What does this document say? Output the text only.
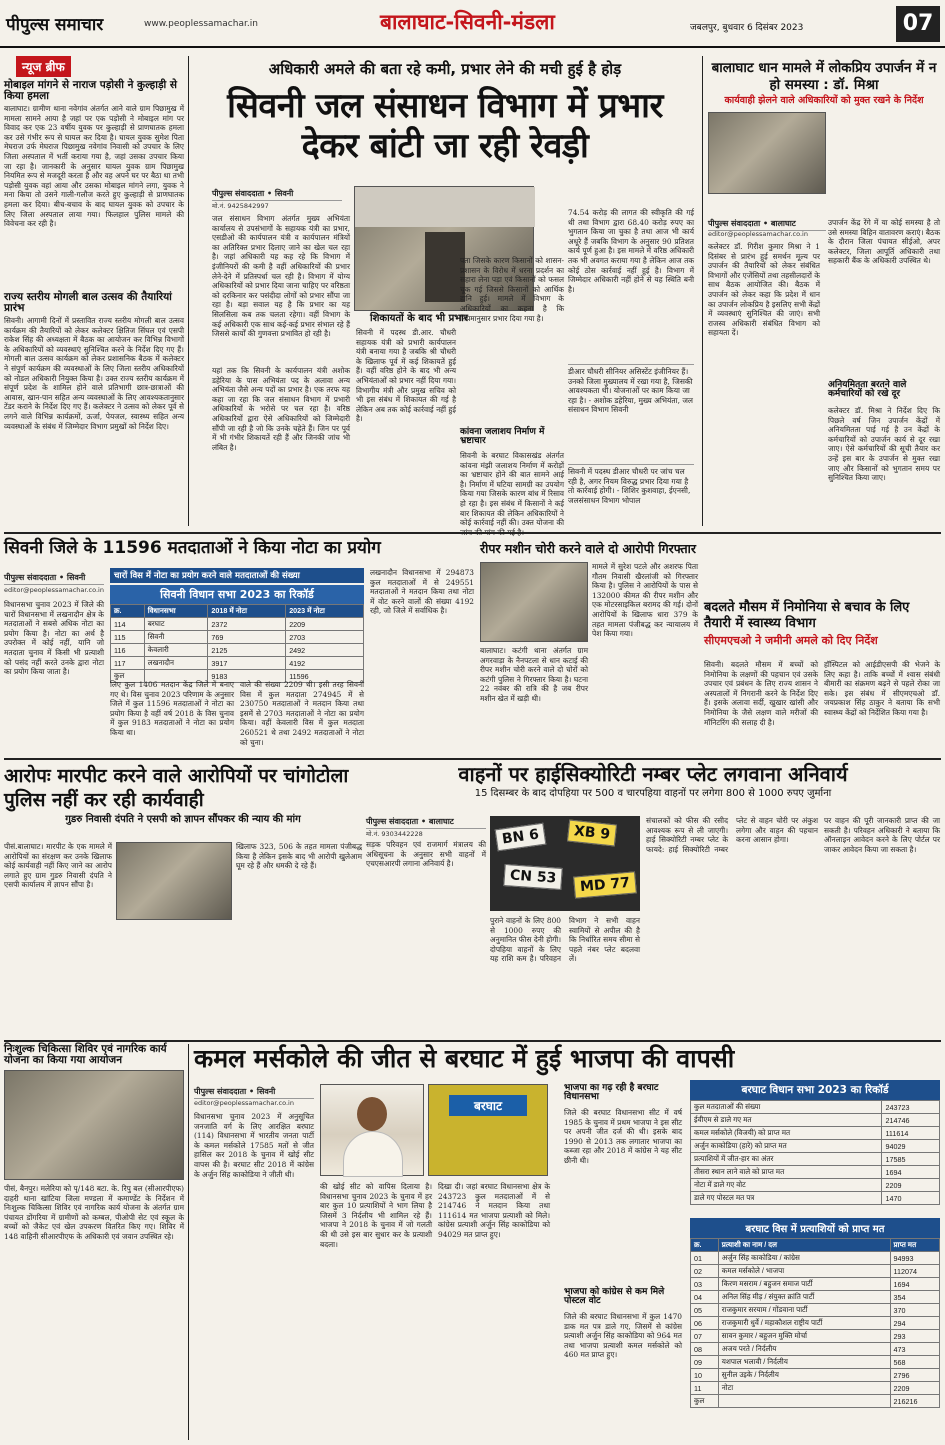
पीपुल्स समाचार	www.peoplessamachar.in	बालाघाट-सिवनी-मंडला	जबलपुर, बुधवार 6 दिसंबर 2023	07
न्यूज ब्रीफ
मोबाइल मांगने से नाराज पड़ोसी ने कुल्हाड़ी से किया हमला
बालाघाट। ग्रामीण थाना नवेगांव अंतर्गत आने वाले ग्राम पिछामुख में मामला सामने आया है जहां पर एक पड़ोसी ने मोबाइल मांग पर विवाद कर एक 23 वर्षीय युवक पर कुल्हाड़ी से प्राणघातक हमला कर उसे गंभीर रूप से घायल कर दिया है। घायल युवक सुमेश पिता मेघराज उर्फ मेघराज पिछामुख नवेगांव निवासी को उपचार के लिए जिला अस्पताल में भर्ती कराया गया है, जहां उसका उपचार किया जा रहा है। जानकारी के अनुसार घायल युवक ग्राम पिछामुख नियमित रूप से मजदूरी करता है और वह अपने घर पर बैठा था तभी पड़ोसी युवक वहां आया और उसका मोबाइल मांगने लगा, युवक ने मना किया तो उसने गाली-गलौज करते हुए कुल्हाड़ी से प्राणघातक हमला कर दिया। बीच-बचाव के बाद घायल युवक को उपचार के लिए जिला अस्पताल लाया गया। फिलहाल पुलिस मामले की विवेचना कर रही है।
राज्य स्तरीय मोगली बाल उत्सव की तैयारियां प्रारंभ
सिवनी। आगामी दिनों में प्रस्तावित राज्य स्तरीय मोगली बाल उत्सव कार्यक्रम की तैयारियों को लेकर कलेक्टर क्षितिज सिंघल एवं एसपी राकेश सिंह की अध्यक्षता में बैठक का आयोजन कर विभिन्न विभागों के अधिकारियों को व्यवस्थाएं सुनिश्चित करने के निर्देश दिए गए हैं। मोगली बाल उत्सव कार्यक्रम को लेकर प्रशासनिक बैठक में कलेक्टर ने संपूर्ण कार्यक्रम की व्यवस्थाओं के लिए जिला स्तरीय अधिकारियों को नोडल अधिकारी नियुक्त किया है। उक्त राज्य स्तरीय कार्यक्रम में संपूर्ण प्रदेश के शामिल होने वाले प्रतिभागी छात्र-छात्राओं की आवास, खान-पान सहित अन्य व्यवस्थाओं के लिए आवश्यकतानुसार टेंडर कराने के निर्देश दिए गए हैं। कलेक्टर ने उत्सव को लेकर पूर्व से लगने वाले विभिन्न कार्यक्रमों, ऊर्जा, पेयजल, स्वास्थ्य सहित अन्य व्यवस्थाओं के संबंध में जिम्मेदार विभाग प्रमुखों को निर्देश दिए।
अधिकारी अमले की बता रहे कमी, प्रभार लेने की मची हुई है होड़
सिवनी जल संसाधन विभाग में प्रभार देकर बांटी जा रही रेवड़ी
पीपुल्स संवाददाता • सिवनी
मो.नं. 9425842997
जल संसाधन विभाग अंतर्गत मुख्य अभियंता कार्यालय से उपसंभागों के सहायक यंत्री का प्रभार, एसडीओ की कार्यपालन यंत्री व कार्यपालन मंत्रियों का अतिरिक्त प्रभार दिलाए जाने का खेल चल रहा है। जहां अधिकारी यह कह रहे कि विभाग में इंजीनियरों की कमी है वहीं अधिकारियों की प्रभार लेने-देने में प्रतिस्पर्धा चल रही है। विभाग में योग्य अधिकारियों को प्रभार दिया जाना चाहिए पर वरिष्ठता को दरकिनार कर पसंदीदा लोगों को प्रभार सौंपा जा रहा है। बड़ा सवाल यह है कि प्रभार का यह सिलसिला कब तक चलता रहेगा। वहीं विभाग के कई अधिकारी एक साथ कई-कई प्रभार संभाल रहे हैं जिससे कार्यों की गुणवत्ता प्रभावित हो रही है।
शिकायतों के बाद भी प्रभार
यहां तक कि सिवनी के कार्यपालन यंत्री अशोक डहेरिया के पास अभियंता पद के अलावा अन्य अभियंता जैसे अन्य पदों का प्रभार है। एक तरफ यह कहा जा रहा कि जल संसाधन विभाग में प्रभारी अधिकारियों के भरोसे पर चल रहा है। वरिष्ठ अधिकारियों द्वारा ऐसे अधिकारियों को जिम्मेदारी सौंपी जा रही है जो कि उनके चहेते हैं। जिन पर पूर्व में भी गंभीर शिकायतें रही हैं और जिनकी जांच भी लंबित है।
सिवनी में पदस्थ डी.आर. चौधरी सहायक यंत्री को प्रभारी कार्यपालन यंत्री बनाया गया है जबकि श्री चौधरी के खिलाफ पूर्व में कई शिकायतें हुई हैं। वहीं वरिष्ठ होने के बाद भी अन्य अभियंताओं को प्रभार नहीं दिया गया। विभागीय मंत्री और प्रमुख सचिव को भी इस संबंध में शिकायत की गई है लेकिन अब तक कोई कार्रवाई नहीं हुई है।
पता जिसके कारण किसानों को शासन-प्रशासन के विरोध में धरना प्रदर्शन का सहारा लेना पड़ा एवं किसानों को फसल चूक गई जिससे किसानों को आर्थिक हानि हुई। मामले में विभाग के अधिकारियों का कहना है कि नियमानुसार प्रभार दिया गया है।
कांवना जलाशय निर्माण में भ्रष्टाचार
सिवनी के बरघाट विकासखंड अंतर्गत कांवना मंझी जलाशय निर्माण में करोड़ों का भ्रष्टाचार होने की बात सामने आई है। निर्माण में घटिया सामग्री का उपयोग किया गया जिसके कारण बांध में रिसाव हो रहा है। इस संबंध में किसानों ने कई बार शिकायत की लेकिन अधिकारियों ने कोई कार्रवाई नहीं की। उक्त योजना की
74.54 करोड़ की लागत की स्वीकृति की गई थी तथा विभाग द्वारा 68.40 करोड़ रुपए का भुगतान किया जा चुका है तथा आज भी कार्य अधूरे हैं जबकि विभाग के अनुसार 90 प्रतिशत कार्य पूर्ण हुआ है। इस मामले में वरिष्ठ अधिकारी तक भी अवगत कराया गया है लेकिन आज तक कोई ठोस कार्रवाई नहीं हुई है। विभाग में जिम्मेदार अधिकारी नहीं होने से यह स्थिति बनी है।
डीआर चौधरी सीनियर असिस्टेंट इंजीनियर हैं। उनको जिला मुख्यालय में रखा गया है, जिसकी आवश्यकता थी। योजनाओं पर काम किया जा रहा है। - अशोक डहेरिया, मुख्य अभियंता, जल संसाधन विभाग सिवनी
सिवनी में पदस्थ डीआर चौधरी पर जांच चल रही है, अगर नियम विरुद्ध प्रभार दिया गया है तो कार्रवाई होगी। - शिशिर कुशवाहा, ईएनसी, जलसंसाधन विभाग भोपाल
बालाघाट धान मामले में लोकप्रिय उपार्जन में न हो समस्या : डॉ. मिश्रा
कार्यवाही झेलने वाले अधिकारियों को मुक्त रखने के निर्देश
पीपुल्स संवाददाता • बालाघाट
editor@peoplessamachar.co.in
कलेक्टर डॉ. गिरीश कुमार मिश्रा ने 1 दिसंबर से प्रारंभ हुई समर्थन मूल्य पर उपार्जन की तैयारियों को लेकर संबंधित विभागों और एजेंसियों तथा तहसीलदारों के साथ बैठक आयोजित की। बैठक में उपार्जन को लेकर कहा कि प्रदेश में धान का उपार्जन लोकप्रिय है इसलिए सभी केंद्रों में व्यवस्थाएं सुनिश्चित की जाएं। सभी राजस्व अधिकारी संबंधित विभाग को सहायता दें।
उपार्जन केंद्र रेंगे में या कोई समस्या है तो उसे समस्या बिहिन वातावरण कराएं। बैठक के दौरान जिला पंचायत सीईओ, अपर कलेक्टर, जिला आपूर्ति अधिकारी तथा सहकारी बैंक के अधिकारी उपस्थित थे।
अनियमितता बरतने वाले कर्मचारियों को रखे दूर
कलेक्टर डॉ. मिश्रा ने निर्देश दिए कि पिछले वर्ष जिन उपार्जन केंद्रों में अनियमितता पाई गई है उन केंद्रों के कर्मचारियों को उपार्जन कार्य से दूर रखा जाए। ऐसे कर्मचारियों की सूची तैयार कर उन्हें इस बार के उपार्जन से मुक्त रखा जाए और किसानों को भुगतान समय पर सुनिश्चित किया जाए।
सिवनी जिले के 11596 मतदाताओं ने किया नोटा का प्रयोग
पीपुल्स संवाददाता • सिवनी
editor@peoplessamachar.co.in
विधानसभा चुनाव 2023 में जिले की चारों विधानसभा में लखनादौन क्षेत्र के मतदाताओं ने सबसे अधिक नोटा का प्रयोग किया है। नोटा का अर्थ है उपरोक्त में कोई नहीं, यानि जो मतदाता चुनाव में किसी भी प्रत्याशी को पसंद नहीं करते उनके द्वारा नोटा का प्रयोग किया जाता है।
चारों विस में नोटा का प्रयोग करने वाले मतदाताओं की संख्या
सिवनी विधान सभा 2023 का रिकॉर्ड
क्र.	विधानसभा	2018 में नोटा	2023 में नोटा
114	बरघाट	2372	2209
115	सिवनी	769	2703
116	केवलारी	2125	2492
117	लखनादौन	3917	4192
कुल		9183	11596
लिए कुल 1406 मतदान केंद्र जिले में बनाए गए थे। विस चुनाव 2023 परिणाम के अनुसार जिले में कुल 11596 मतदाताओं ने नोटा का प्रयोग किया है वहीं वर्ष 2018 के विस चुनाव में कुल 9183 मतदाताओं ने नोटा का प्रयोग किया था।
वाले की संख्या 2209 थी। इसी तरह सिवनी विस में कुल मतदाता 274945 में से 230750 मतदाताओं ने मतदान किया तथा इसमें से 2703 मतदाताओं ने नोटा का प्रयोग किया। वहीं केवलारी विस में कुल मतदाता 260521 थे तथा 2492 मतदाताओं ने नोटा को चुना।
लखनादौन विधानसभा में 294873 कुल मतदाताओं में से 249551 मतदाताओं ने मतदान किया तथा नोटा में वोट करने वालों की संख्या 4192 रही, जो जिले में सर्वाधिक है।
रीपर मशीन चोरी करने वाले दो आरोपी गिरफ्तार
बालाघाट। कटंगी थाना अंतर्गत ग्राम अगरवाड़ा के नैनपटला से धान कटाई की रीपर मशीन चोरी करने वाले दो चोरों को कटंगी पुलिस ने गिरफ्तार किया है। घटना 22 नवंबर की रात्रि की है जब रीपर मशीन खेत में खड़ी थी।
मामले में सुरेश पटले और अशरफ पिता गौतम निवासी खैरलांजी को गिरफ्तार किया है। पुलिस ने आरोपियों के पास से 132000 कीमत की रीपर मशीन और एक मोटरसाइकिल बरामद की गई। दोनों आरोपियों के खिलाफ धारा 379 के तहत मामला पंजीबद्ध कर न्यायालय में पेश किया गया।
बदलते मौसम में निमोनिया से बचाव के लिए तैयारी में स्वास्थ्य विभाग
सीएमएचओ ने जमीनी अमले को दिए निर्देश
सिवनी। बदलते मौसम में बच्चों को निमोनिया के लक्षणों की पहचान एवं उसके उपचार एवं प्रबंधन के लिए राज्य शासन ने अस्पतालों में निगरानी करने के निर्देश दिए हैं। इसके अलावा सर्दी, खुखार खांसी और निमोनिया के जैसे लक्षण वाले मरीजों की मॉनिटरिंग की सलाह दी है।
हॉस्पिटल को आईडीएसपी की भेजने के लिए कहा है। ताकि बच्चों में श्वास संबंधी बीमारी का संक्रमण बढ़ने से पहले रोका जा सके। इस संबंध में सीएमएचओ डॉ. जयप्रकाश सिंह ठाकुर ने बताया कि सभी स्वास्थ्य केंद्रों को निर्देशित किया गया है।
आरोपः मारपीट करने वाले आरोपियों पर चांगोटोला पुलिस नहीं कर रही कार्यवाही
गुडरु निवासी दंपति ने एसपी को ज्ञापन सौंपकर की न्याय की मांग
पीसं.बालाघाट। मारपीट के एक मामले में आरोपियों का संरक्षण कर उनके खिलाफ कोई कार्यवाही नहीं किए जाने का आरोप लगाते हुए ग्राम गुडरु निवासी दंपति ने एसपी कार्यालय में ज्ञापन सौंपा है।
खिलाफ 323, 506 के तहत मामला पंजीबद्ध किया है लेकिन इसके बाद भी आरोपी खुलेआम घूम रहे हैं और धमकी दे रहे हैं।
वाहनों पर हाईसिक्योरिटी नम्बर प्लेट लगवाना अनिवार्य
15 दिसम्बर के बाद दोपहिया पर 500 व चारपहिया वाहनों पर लगेगा 800 से 1000 रुपए जुर्माना
पीपुल्स संवाददाता • बालाघाट
मो.नं. 9303442228	BN 6	XB 9
CN 53	MD 77
पुराने वाहनों के लिए 800 से 1000 रुपए की अनुमानित फीस देनी होगी। दोपहिया वाहनों के लिए यह राशि कम है। परिवहन विभाग ने सभी वाहन स्वामियों से अपील की है कि निर्धारित समय सीमा से पहले नंबर प्लेट बदलवा लें।
संचालकों को फीस की रसीद आवश्यक रूप से ली जाएगी। हाई सिक्योरिटी नम्बर प्लेट के फायदे: हाई सिक्योरिटी नम्बर प्लेट से वाहन चोरी पर अंकुश लगेगा और वाहन की पहचान करना आसान होगा।
पर वाहन की पूरी जानकारी प्राप्त की जा सकती है। परिवहन अधिकारी ने बताया कि ऑनलाइन आवेदन करने के लिए पोर्टल पर जाकर आवेदन किया जा सकता है।
सड़क परिवहन एवं राजमार्ग मंत्रालय की अधिसूचना के अनुसार सभी वाहनों में एचएसआरपी लगाना अनिवार्य है।
निःशुल्क चिकित्सा शिविर एवं नागरिक कार्य योजना का किया गया आयोजन
पीसं, बैनपुर। मलेरिया को पृ/148 बटा. के. रिपु बल (सीआरपीएफ) दाहरी थाना खांटिया जिला मण्डला में कमाण्डेंट के निर्देशन में निःशुल्क चिकित्सा शिविर एवं नागरिक कार्य योजना के अंतर्गत ग्राम पंचायत डोंगरिया में ग्रामीणों को कम्बल, पीओपी सेट एवं स्कूल के बच्चों को जैकेट एवं खेल उपकरण वितरित किए गए। शिविर में 148 वाहिनी सीआरपीएफ के अधिकारी एवं जवान उपस्थित रहे।
कमल मर्सकोले की जीत से बरघाट में हुई भाजपा की वापसी
पीपुल्स संवाददाता • सिवनी
editor@peoplessamachar.co.in	बरघाट
विधानसभा चुनाव 2023 में अनुसूचित जनजाति वर्ग के लिए आरक्षित बरघाट (114) विधानसभा में भारतीय जनता पार्टी के कमल मर्सकोले 17585 मतों से जीत हासिल कर 2018 के चुनाव में खोई सीट वापस की है। बरघाट सीट 2018 में कांग्रेस के अर्जुन सिंह काकोडिया ने जीती थी।
की खोई सीट को वापिस दिलाया है। विधानसभा चुनाव 2023 के चुनाव में हर बार कुल 10 प्रत्याशियों ने भाग लिया है जिसमें 3 निर्दलीय भी शामिल रहे हैं। भाजपा ने 2018 के चुनाव में जो गलती की थी उसे इस बार सुधार कर के प्रत्याशी बदला।
दिखा दी। जहां बरघाट विधानसभा क्षेत्र के 243723 कुल मतदाताओं में से 214746 ने मतदान किया तथा 111614 मत भाजपा प्रत्याशी को मिले। कांग्रेस प्रत्याशी अर्जुन सिंह काकोडिया को 94029 मत प्राप्त हुए।
भाजपा का गढ़ रही है बरघाट विधानसभा
जिले की बरघाट विधानसभा सीट में वर्ष 1985 के चुनाव में प्रथम भाजपा ने इस सीट पर अपनी जीत दर्ज की थी। इसके बाद 1990 से 2013 तक लगातार भाजपा का कब्जा रहा और 2018 में कांग्रेस ने यह सीट छीनी थी।
भाजपा को कांग्रेस से कम मिले पोस्टल वोट
जिले की बरघाट विधानसभा में कुल 1470 डाक मत पत्र डाले गए, जिसमें से कांग्रेस प्रत्याशी अर्जुन सिंह काकोडिया को 964 मत तथा भाजपा प्रत्याशी कमल मर्सकोले को 460 मत प्राप्त हुए।
बरघाट विधान सभा 2023 का रिकॉर्ड
कुल मतदाताओं की संख्या	243723
ईवीएम से डाले गए मत	214746
कमल मर्सकोले (विजयी) को प्राप्त मत	111614
अर्जुन काकोडिया (हारे) को प्राप्त मत	94029
प्रत्याशियों में जीत-हार का अंतर	17585
तीसरा स्थान लाने वाले को प्राप्त मत	1694
नोटा में डाले गए वोट	2209
डाले गए पोस्टल मत पत्र	1470
बरघाट विस में प्रत्याशियों को प्राप्त मत
क्र.	प्रत्याशी का नाम / दल	प्राप्त मत
01	अर्जुन सिंह काकोडिया / कांग्रेस	94993
02	कमल मर्सकोले / भाजपा	112074
03	किरण मसराम / बहुजन समाज पार्टी	1694
04	अनिल सिंह मीड़ / संयुक्त क्रांति पार्टी	354
05	राजकुमार सरयाम / गोंडवाना पार्टी	370
06	राजकुमारी धुर्वे / महाकौशल राष्ट्रीय पार्टी	294
07	सावन कुमार / बहुजन मुक्ति मोर्चा	293
08	अजय परते / निर्दलीय	473
09	यशपाल भलावी / निर्दलीय	568
10	सुनील उइके / निर्दलीय	2796
11	नोटा	2209
कुल		216216
